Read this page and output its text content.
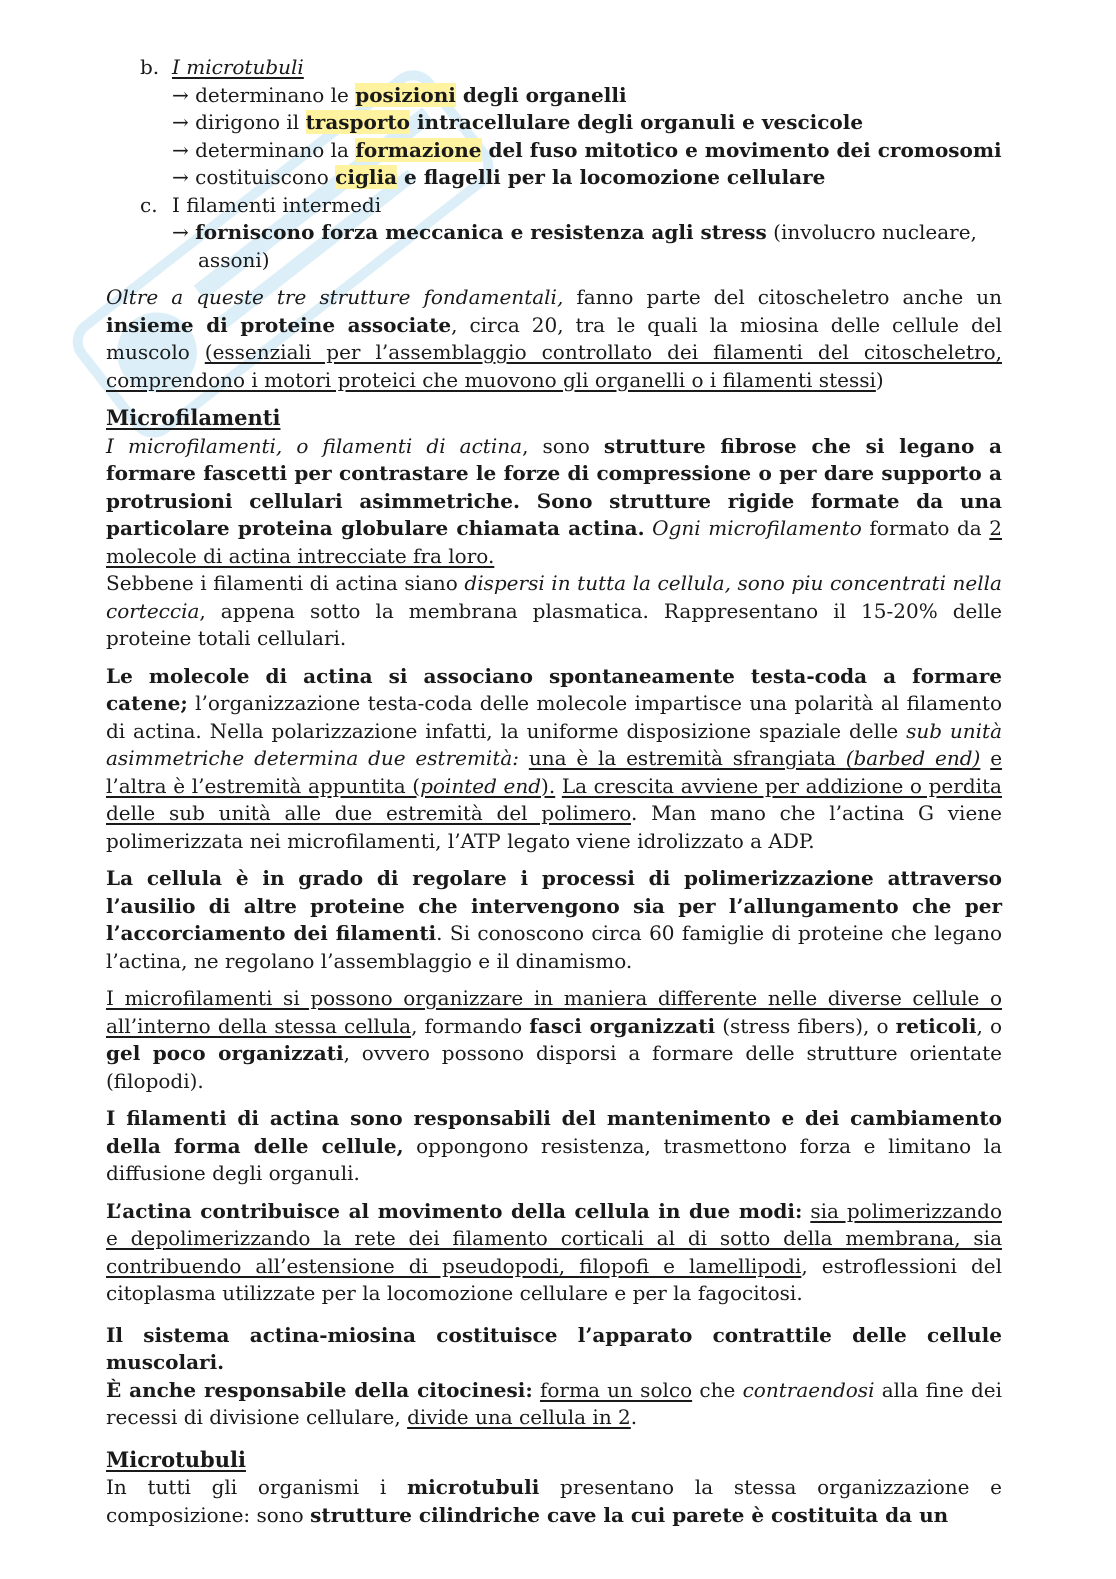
b. I microtubuli

→ determinano le posizioni degli organelli

→ dirigono il trasporto intracellulare degli organuli e vescicole

→ determinano la formazione del fuso mitotico e movimento dei cromosomi

→ costituiscono ciglia e flagelli per la locomozione cellulare

c. I filamenti intermedi

→ forniscono forza meccanica e resistenza agli stress (involucro nucleare, assoni)

Oltre a queste tre strutture fondamentali, fanno parte del citoscheletro anche un insieme di proteine associate, circa 20, tra le quali la miosina delle cellule del muscolo (essenziali per l’assemblaggio controllato dei filamenti del citoscheletro, comprendono i motori proteici che muovono gli organelli o i filamenti stessi)

Microfilamenti

I microfilamenti, o filamenti di actina, sono strutture fibrose che si legano a formare fascetti per contrastare le forze di compressione o per dare supporto a protrusioni cellulari asimmetriche. Sono strutture rigide formate da una particolare proteina globulare chiamata actina. Ogni microfilamento formato da 2 molecole di actina intrecciate fra loro.

Sebbene i filamenti di actina siano dispersi in tutta la cellula, sono piu concentrati nella corteccia, appena sotto la membrana plasmatica. Rappresentano il 15-20% delle proteine totali cellulari.

Le molecole di actina si associano spontaneamente testa-coda a formare catene; l’organizzazione testa-coda delle molecole impartisce una polarità al filamento di actina. Nella polarizzazione infatti, la uniforme disposizione spaziale delle sub unità asimmetriche determina due estremità: una è la estremità sfrangiata (barbed end) e l’altra è l’estremità appuntita (pointed end). La crescita avviene per addizione o perdita delle sub unità alle due estremità del polimero. Man mano che l’actina G viene polimerizzata nei microfilamenti, l’ATP legato viene idrolizzato a ADP.

La cellula è in grado di regolare i processi di polimerizzazione attraverso l’ausilio di altre proteine che intervengono sia per l’allungamento che per l’accorciamento dei filamenti. Si conoscono circa 60 famiglie di proteine che legano l’actina, ne regolano l’assemblaggio e il dinamismo.

I microfilamenti si possono organizzare in maniera differente nelle diverse cellule o all’interno della stessa cellula, formando fasci organizzati (stress fibers), o reticoli, o gel poco organizzati, ovvero possono disporsi a formare delle strutture orientate (filopodi).

I filamenti di actina sono responsabili del mantenimento e dei cambiamento della forma delle cellule, oppongono resistenza, trasmettono forza e limitano la diffusione degli organuli.

L’actina contribuisce al movimento della cellula in due modi: sia polimerizzando e depolimerizzando la rete dei filamento corticali al di sotto della membrana, sia contribuendo all’estensione di pseudopodi, filopofi e lamellipodi, estroflessioni del citoplasma utilizzate per la locomozione cellulare e per la fagocitosi.

Il sistema actina-miosina costituisce l’apparato contrattile delle cellule muscolari.

È anche responsabile della citocinesi: forma un solco che contraendosi alla fine dei recessi di divisione cellulare, divide una cellula in 2.

Microtubuli

In tutti gli organismi i microtubuli presentano la stessa organizzazione e composizione: sono strutture cilindriche cave la cui parete è costituita da un
